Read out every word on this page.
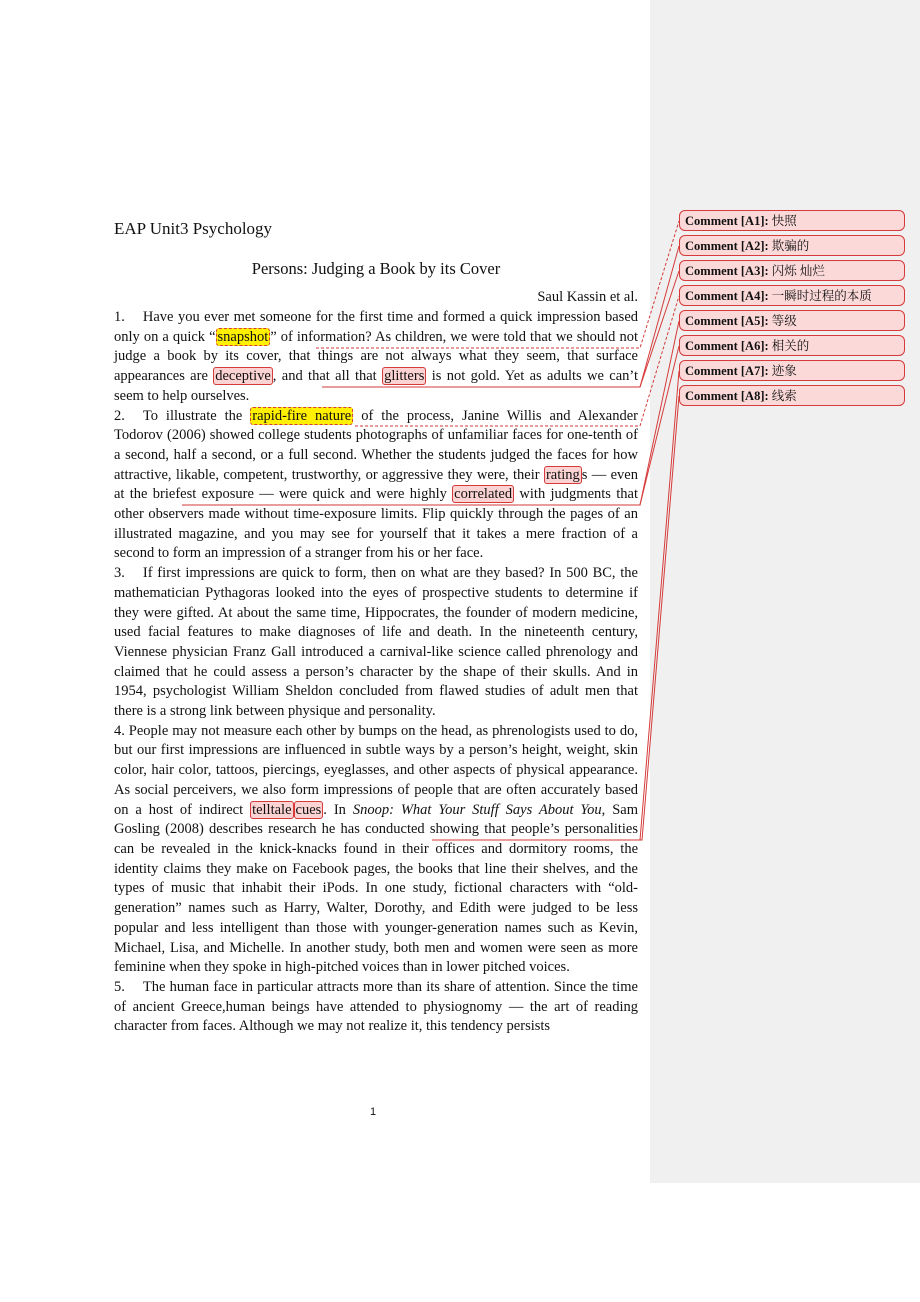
EAP Unit3 Psychology
Persons: Judging a Book by its Cover
Saul Kassin et al.

1. Have you ever met someone for the first time and formed a quick impression based only on a quick “ snapshot ” of information? As children, we were told that we should not judge a book by its cover, that things are not always what they seem, that surface appearances are deceptive , and that all that glitters is not gold. Yet as adults we can’t seem to help ourselves.

2. To illustrate the rapid-fire nature of the process, Janine Willis and Alexander Todorov (2006) showed college students photographs of unfamiliar faces for one-tenth of a second, half a second, or a full second. Whether the students judged the faces for how attractive, likable, competent, trustworthy, or aggressive they were, their rating s — even at the briefest exposure — were quick and were highly correlated with judgments that other observers made without time-exposure limits. Flip quickly through the pages of an illustrated magazine, and you may see for yourself that it takes a mere fraction of a second to form an impression of a stranger from his or her face.

3. If first impressions are quick to form, then on what are they based? In 500 BC, the mathematician Pythagoras looked into the eyes of prospective students to determine if they were gifted. At about the same time, Hippocrates, the founder of modern medicine, used facial features to make diagnoses of life and death. In the nineteenth century, Viennese physician Franz Gall introduced a carnival-like science called phrenology and claimed that he could assess a person’s character by the shape of their skulls. And in 1954, psychologist William Sheldon concluded from flawed studies of adult men that there is a strong link between physique and personality.

4. People may not measure each other by bumps on the head, as phrenologists used to do, but our first impressions are influenced in subtle ways by a person’s height, weight, skin color, hair color, tattoos, piercings, eyeglasses, and other aspects of physical appearance. As social perceivers, we also form impressions of people that are often accurately based on a host of indirect telltale cues . In Snoop: What Your Stuff Says About You, Sam Gosling (2008) describes research he has conducted showing that people’s personalities can be revealed in the knick-knacks found in their offices and dormitory rooms, the identity claims they make on Facebook pages, the books that line their shelves, and the types of music that inhabit their iPods. In one study, fictional characters with “old-generation” names such as Harry, Walter, Dorothy, and Edith were judged to be less popular and less intelligent than those with younger-generation names such as Kevin, Michael, Lisa, and Michelle. In another study, both men and women were seen as more feminine when they spoke in high-pitched voices than in lower pitched voices.

5. The human face in particular attracts more than its share of attention. Since the time of ancient Greece,human beings have attended to physiognomy — the art of reading character from faces. Although we may not realize it, this tendency persists

1
Comment [A1]: 快照
Comment [A2]: 欺骗的
Comment [A3]: 闪烁 灿烂
Comment [A4]: 一瞬时过程的本质
Comment [A5]: 等级
Comment [A6]: 相关的
Comment [A7]: 迹象
Comment [A8]: 线索
